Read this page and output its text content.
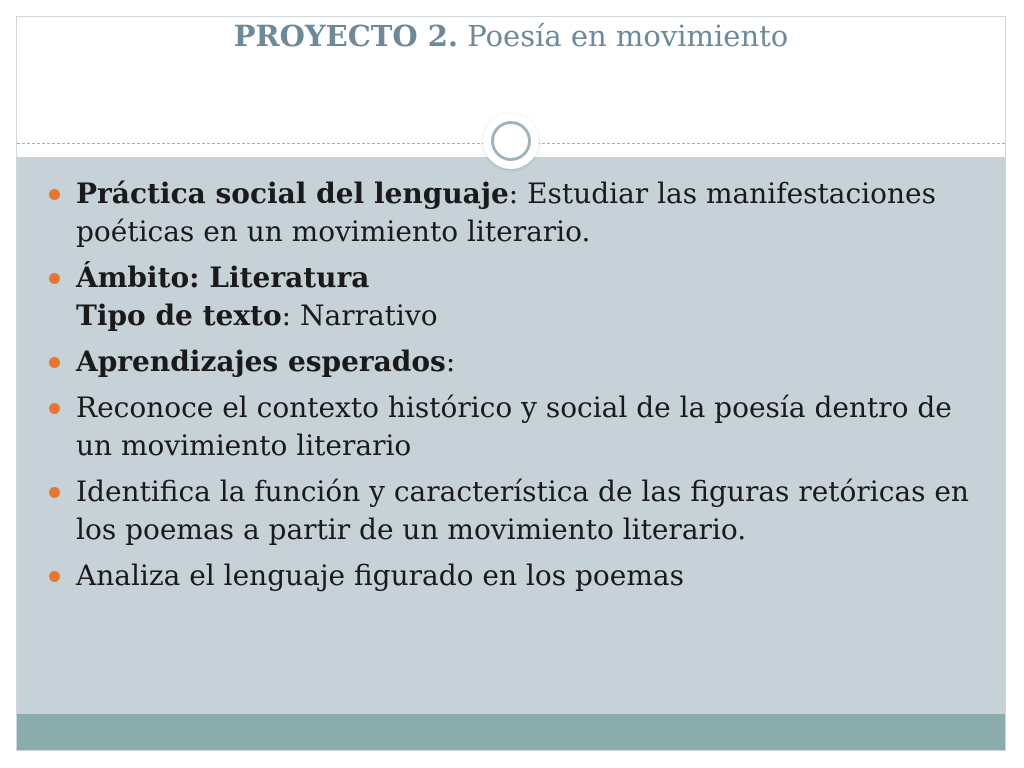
PROYECTO 2. Poesía en movimiento
Práctica social del lenguaje: Estudiar las manifestaciones poéticas en un movimiento literario.
Ámbito: Literatura
Tipo de texto: Narrativo
Aprendizajes esperados:
Reconoce el contexto histórico y social de la poesía dentro de un movimiento literario
Identifica la función y característica de las figuras retóricas en los poemas a partir de un movimiento literario.
Analiza el lenguaje figurado en los poemas
